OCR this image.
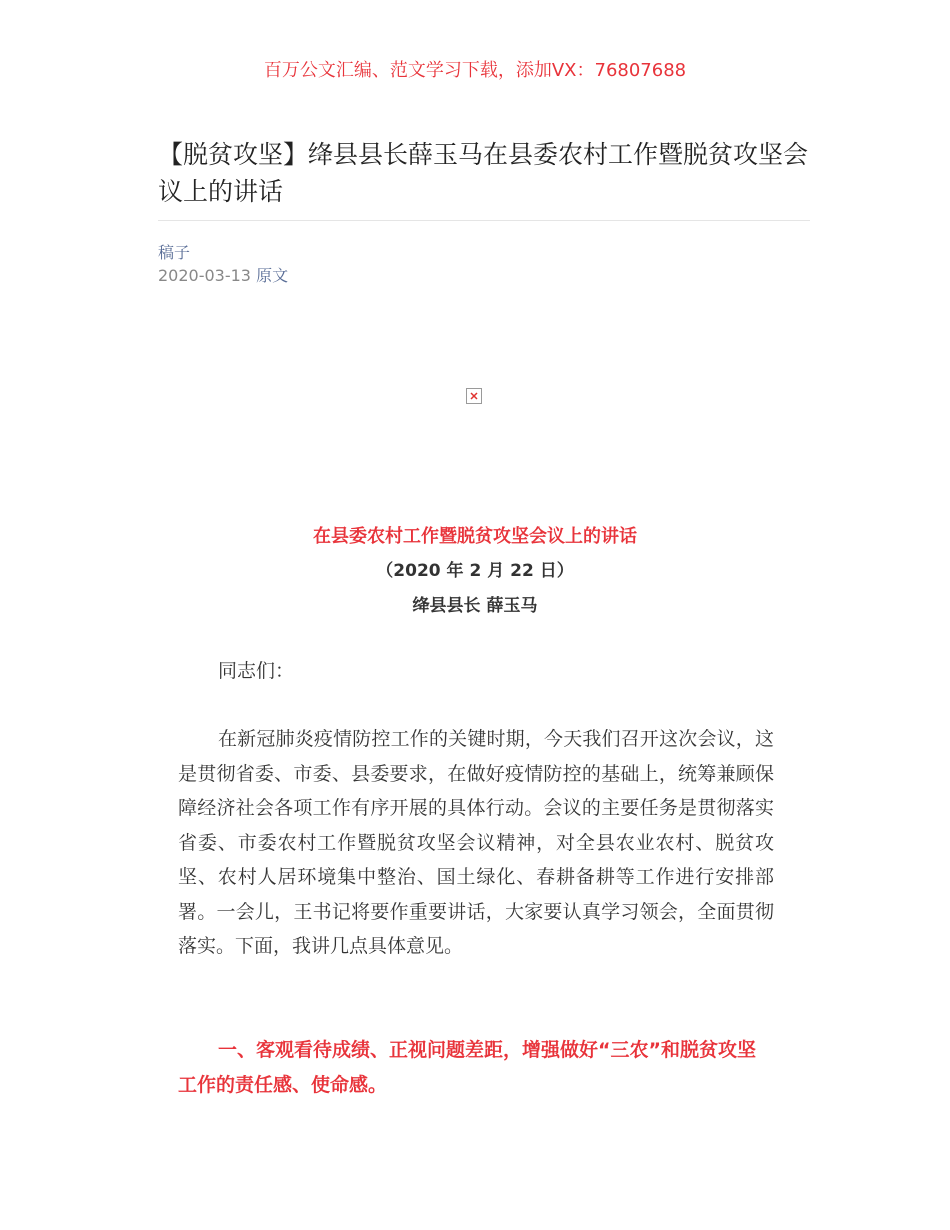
百万公文汇编、范文学习下载，添加VX：76807688
【脱贫攻坚】绛县县长薛玉马在县委农村工作暨脱贫攻坚会议上的讲话
稿子
2020-03-13 原文
在县委农村工作暨脱贫攻坚会议上的讲话
（2020 年 2 月 22 日）
绛县县长 薛玉马
同志们：

在新冠肺炎疫情防控工作的关键时期，今天我们召开这次会议，这是贯彻省委、市委、县委要求，在做好疫情防控的基础上，统筹兼顾保障经济社会各项工作有序开展的具体行动。会议的主要任务是贯彻落实省委、市委农村工作暨脱贫攻坚会议精神，对全县农业农村、脱贫攻坚、农村人居环境集中整治、国土绿化、春耕备耕等工作进行安排部署。一会儿，王书记将要作重要讲话，大家要认真学习领会，全面贯彻落实。下面，我讲几点具体意见。

一、客观看待成绩、正视问题差距，增强做好“三农”和脱贫攻坚工作的责任感、使命感。
